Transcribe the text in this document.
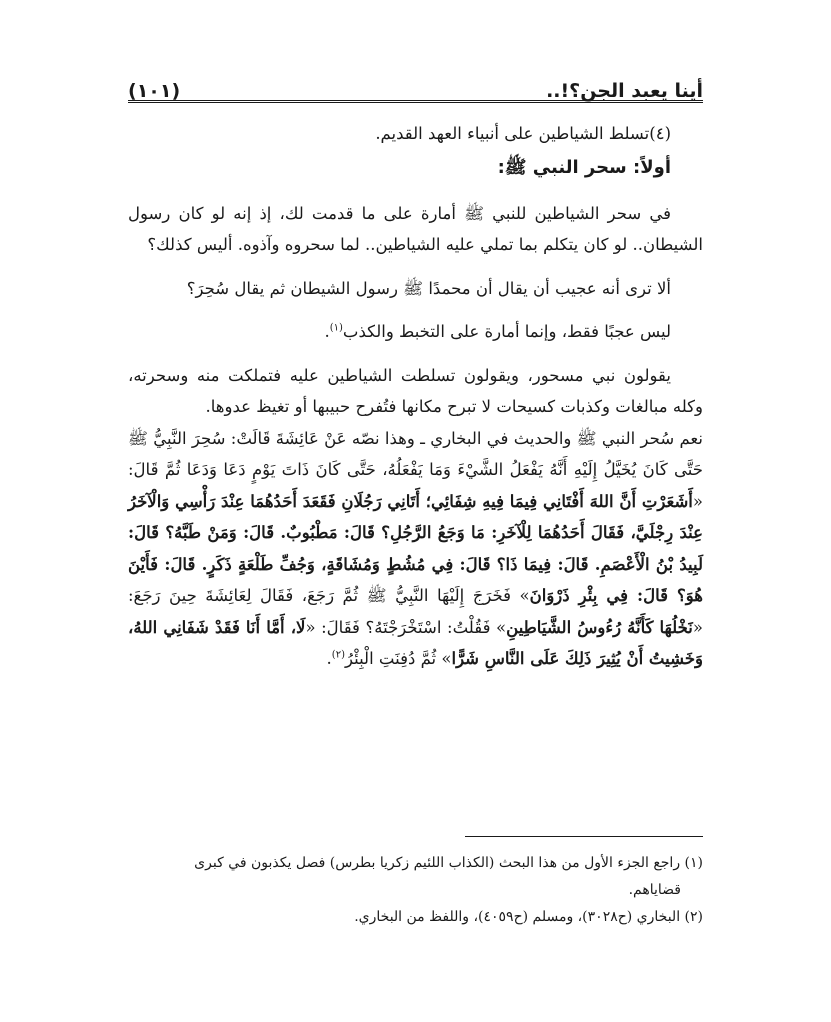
أينا يعبد الجن؟!..
(١٠١)

(٤)تسلط الشياطين على أنبياء العهد القديم.

أولاً: سحر النبي ﷺ:

في سحر الشياطين للنبي ﷺ أمارة على ما قدمت لك، إذ إنه لو كان رسول الشيطان.. لو كان يتكلم بما تملي عليه الشياطين.. لما سحروه وآذوه. أليس كذلك؟

ألا ترى أنه عجيب أن يقال أن محمدًا ﷺ رسول الشيطان ثم يقال سُحِرَ؟

ليس عجبًا فقط، وإنما أمارة على التخبط والكذب$^{(١)}$.

يقولون نبي مسحور، ويقولون تسلطت الشياطين عليه فتملكت منه وسحرته، وكله مبالغات وكذبات كسيحات لا تبرح مكانها فتُفرح حبيبها أو تغيظ عدوها.

نعم سُحر النبي ﷺ والحديث في البخاري ـ وهذا نصّه عَنْ عَائِشَةَ قَالَتْ: سُحِرَ النَّبِيُّ ﷺ حَتَّى كَانَ يُخَيَّلُ إِلَيْهِ أَنَّهُ يَفْعَلُ الشَّيْءَ وَمَا يَفْعَلُهُ، حَتَّى كَانَ ذَاتَ يَوْمٍ دَعَا وَدَعَا ثُمَّ قَالَ: «أَشَعَرْتِ أَنَّ اللهَ أَفْتَانِي فِيمَا فِيهِ شِفَائِي؛ أَتَانِي رَجُلَانِ فَقَعَدَ أَحَدُهُمَا عِنْدَ رَأْسِي وَالْآخَرُ عِنْدَ رِجْلَيَّ، فَقَالَ أَحَدُهُمَا لِلْآخَرِ: مَا وَجَعُ الرَّجُلِ؟ قَالَ: مَطْبُوبٌ. قَالَ: وَمَنْ طَبَّهُ؟ قَالَ: لَبِيدُ بْنُ الْأَعْصَمِ. قَالَ: فِيمَا ذَا؟ قَالَ: فِي مُشُطٍ وَمُشَاقَةٍ، وَجُفِّ طَلْعَةٍ ذَكَرٍ. قَالَ: فَأَيْنَ هُوَ؟ قَالَ: فِي بِئْرِ ذَرْوَانَ» فَخَرَجَ إِلَيْهَا النَّبِيُّ ﷺ ثُمَّ رَجَعَ، فَقَالَ لِعَائِشَةَ حِينَ رَجَعَ: «نَخْلُهَا كَأَنَّهُ رُءُوسُ الشَّيَاطِينِ» فَقُلْتُ: اسْتَخْرَجْتَهُ؟ فَقَالَ: «لَا، أَمَّا أَنَا فَقَدْ شَفَانِي اللهُ، وَخَشِيتُ أَنْ يُثِيرَ ذَلِكَ عَلَى النَّاسِ شَرًّا» ثُمَّ دُفِنَتِ الْبِئْرُ$^{(٢)}$.

(١) راجع الجزء الأول من هذا البحث (الكذاب اللئيم زكريا بطرس) فصل يكذبون في كبرى

قضاياهم.

(٢) البخاري (ح٣٠٢٨)، ومسلم (ح٤٠٥٩)، واللفظ من البخاري.
